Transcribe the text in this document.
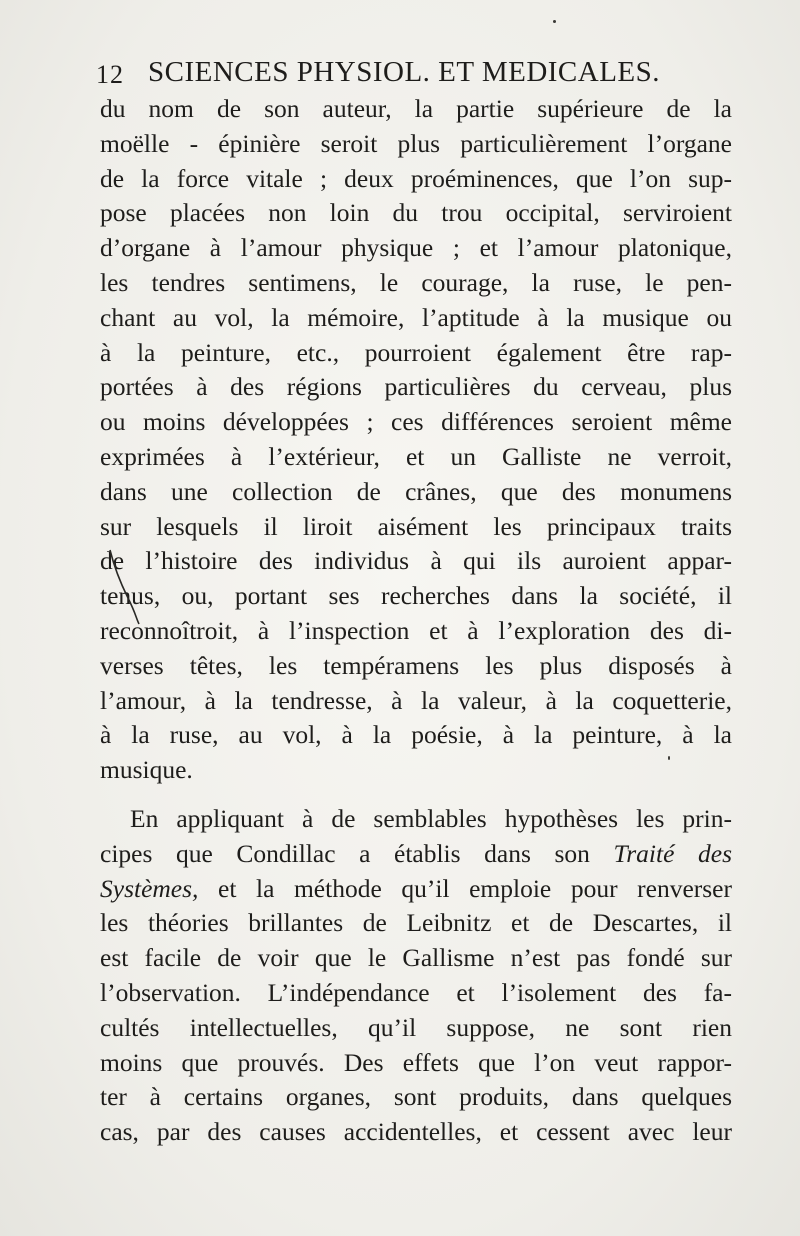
12 SCIENCES PHYSIOL. ET MEDICALES.
du nom de son auteur, la partie supérieure de la
moëlle - épinière seroit plus particulièrement l’organe
de la force vitale ; deux proéminences, que l’on sup-
pose placées non loin du trou occipital, serviroient
d’organe à l’amour physique ; et l’amour platonique,
les tendres sentimens, le courage, la ruse, le pen-
chant au vol, la mémoire, l’aptitude à la musique ou
à la peinture, etc., pourroient également être rap-
portées à des régions particulières du cerveau, plus
ou moins développées ; ces différences seroient même
exprimées à l’extérieur, et un Galliste ne verroit,
dans une collection de crânes, que des monumens
sur lesquels il liroit aisément les principaux traits
de l’histoire des individus à qui ils auroient appar-
tenus, ou, portant ses recherches dans la société, il
reconnoîtroit, à l’inspection et à l’exploration des di-
verses têtes, les tempéramens les plus disposés à
l’amour, à la tendresse, à la valeur, à la coquetterie,
à la ruse, au vol, à la poésie, à la peinture, à la
musique.
En appliquant à de semblables hypothèses les prin-
cipes que Condillac a établis dans son Traité des
Systèmes, et la méthode qu’il emploie pour renverser
les théories brillantes de Leibnitz et de Descartes, il
est facile de voir que le Gallisme n’est pas fondé sur
l’observation. L’indépendance et l’isolement des fa-
cultés intellectuelles, qu’il suppose, ne sont rien
moins que prouvés. Des effets que l’on veut rappor-
ter à certains organes, sont produits, dans quelques
cas, par des causes accidentelles, et cessent avec leur
